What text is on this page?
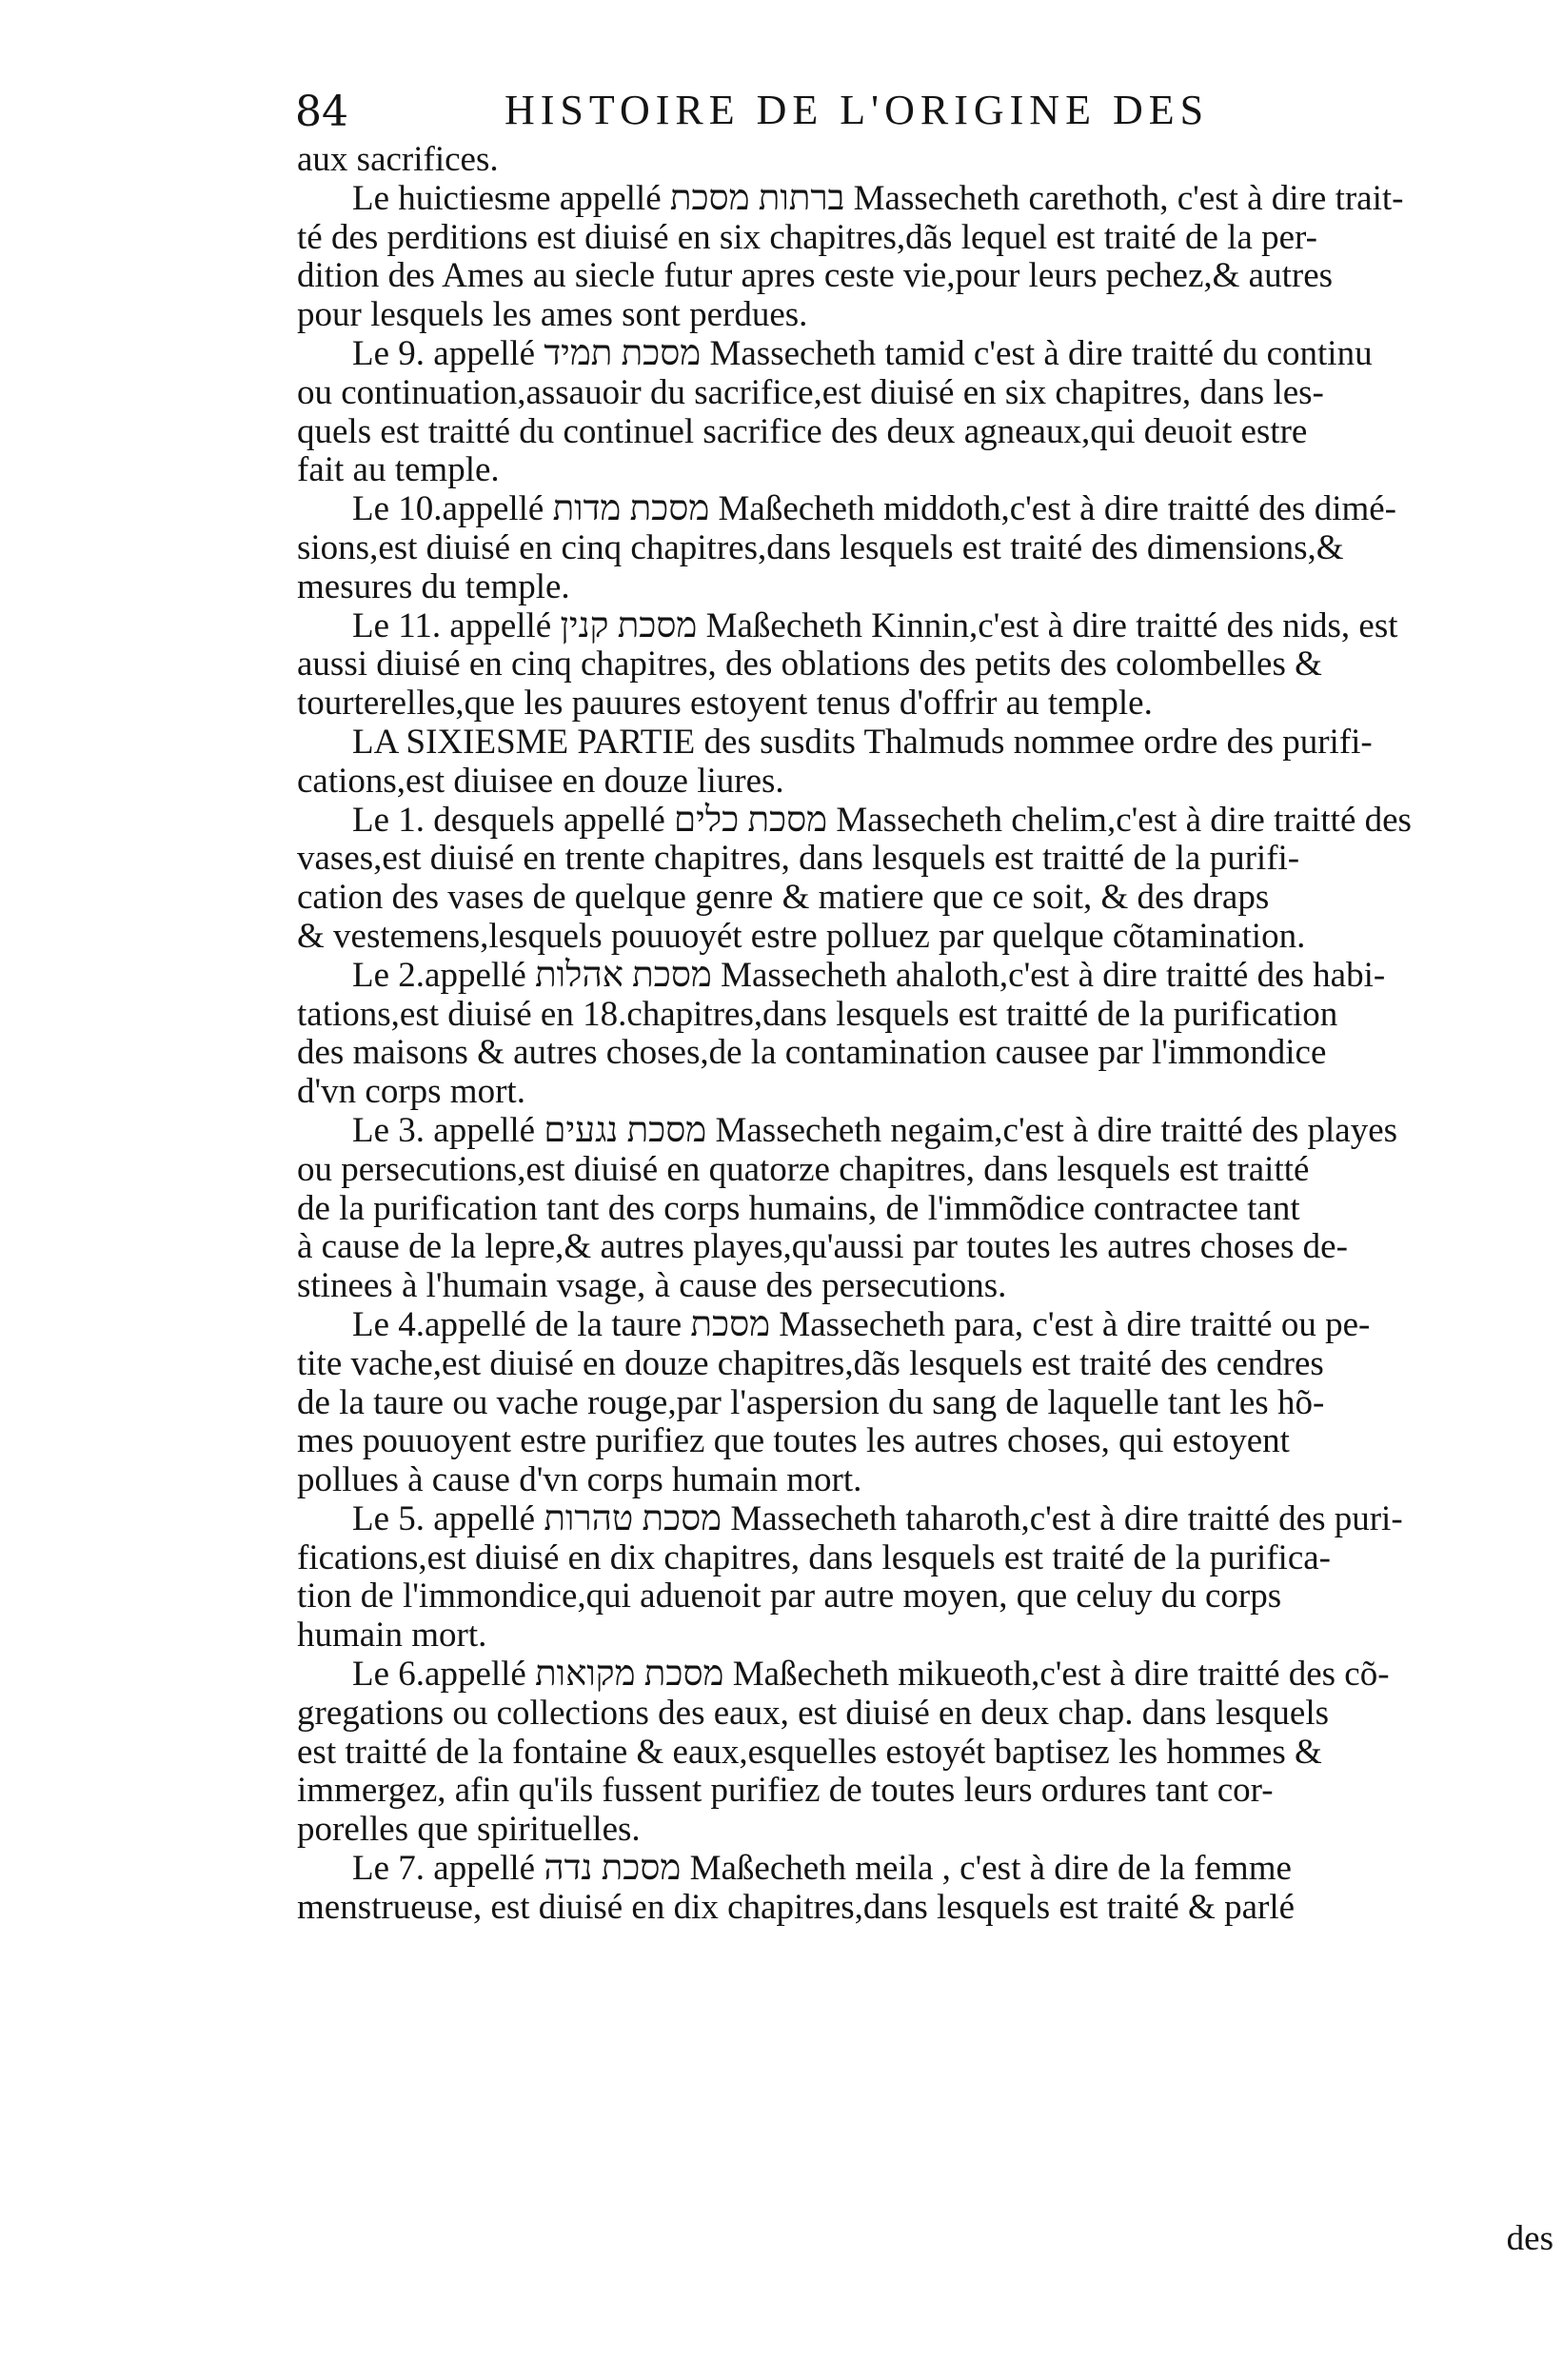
84	HISTOIRE DE L'ORIGINE DES
aux sacrifices.
Le huictiesme appellé ברתות מסכת Massecheth carethoth, c'est à dire trait-
té des perditions est diuisé en six chapitres,dãs lequel est traité de la per-
dition des Ames au siecle futur apres ceste vie,pour leurs pechez,& autres
pour lesquels les ames sont perdues.
Le 9. appellé מסכת תמיד Massecheth tamid c'est à dire traitté du continu
ou continuation,assauoir du sacrifice,est diuisé en six chapitres, dans les-
quels est traitté du continuel sacrifice des deux agneaux,qui deuoit estre
fait au temple.
Le 10.appellé מסכת מדות Maßecheth middoth,c'est à dire traitté des dimé-
sions,est diuisé en cinq chapitres,dans lesquels est traité des dimensions,&
mesures du temple.
Le 11. appellé מסכת קנין Maßecheth Kinnin,c'est à dire traitté des nids, est
aussi diuisé en cinq chapitres, des oblations des petits des colombelles &
tourterelles,que les pauures estoyent tenus d'offrir au temple.
LA SIXIESME PARTIE des susdits Thalmuds nommee ordre des purifi-
cations,est diuisee en douze liures.
Le 1. desquels appellé מסכת כלים Massecheth chelim,c'est à dire traitté des
vases,est diuisé en trente chapitres, dans lesquels est traitté de la purifi-
cation des vases de quelque genre & matiere que ce soit, & des draps
& vestemens,lesquels pouuoyét estre polluez par quelque cõtamination.
Le 2.appellé מסכת אהלות Massecheth ahaloth,c'est à dire traitté des habi-
tations,est diuisé en 18.chapitres,dans lesquels est traitté de la purification
des maisons & autres choses,de la contamination causee par l'immondice
d'vn corps mort.
Le 3. appellé מסכת נגעים Massecheth negaim,c'est à dire traitté des playes
ou persecutions,est diuisé en quatorze chapitres, dans lesquels est traitté
de la purification tant des corps humains, de l'immõdice contractee tant
à cause de la lepre,& autres playes,qu'aussi par toutes les autres choses de-
stinees à l'humain vsage, à cause des persecutions.
Le 4.appellé de la taure מסכת Massecheth para, c'est à dire traitté ou pe-
tite vache,est diuisé en douze chapitres,dãs lesquels est traité des cendres
de la taure ou vache rouge,par l'aspersion du sang de laquelle tant les hõ-
mes pouuoyent estre purifiez que toutes les autres choses, qui estoyent
pollues à cause d'vn corps humain mort.
Le 5. appellé מסכת טהרות Massecheth taharoth,c'est à dire traitté des puri-
fications,est diuisé en dix chapitres, dans lesquels est traité de la purifica-
tion de l'immondice,qui aduenoit par autre moyen, que celuy du corps
humain mort.
Le 6.appellé מסכת מקואות Maßecheth mikueoth,c'est à dire traitté des cõ-
gregations ou collections des eaux, est diuisé en deux chap. dans lesquels
est traitté de la fontaine & eaux,esquelles estoyét baptisez les hommes &
immergez, afin qu'ils fussent purifiez de toutes leurs ordures tant cor-
porelles que spirituelles.
Le 7. appellé מסכת נדה Maßecheth meila , c'est à dire de la femme
menstrueuse, est diuisé en dix chapitres,dans lesquels est traité & parlé
des
